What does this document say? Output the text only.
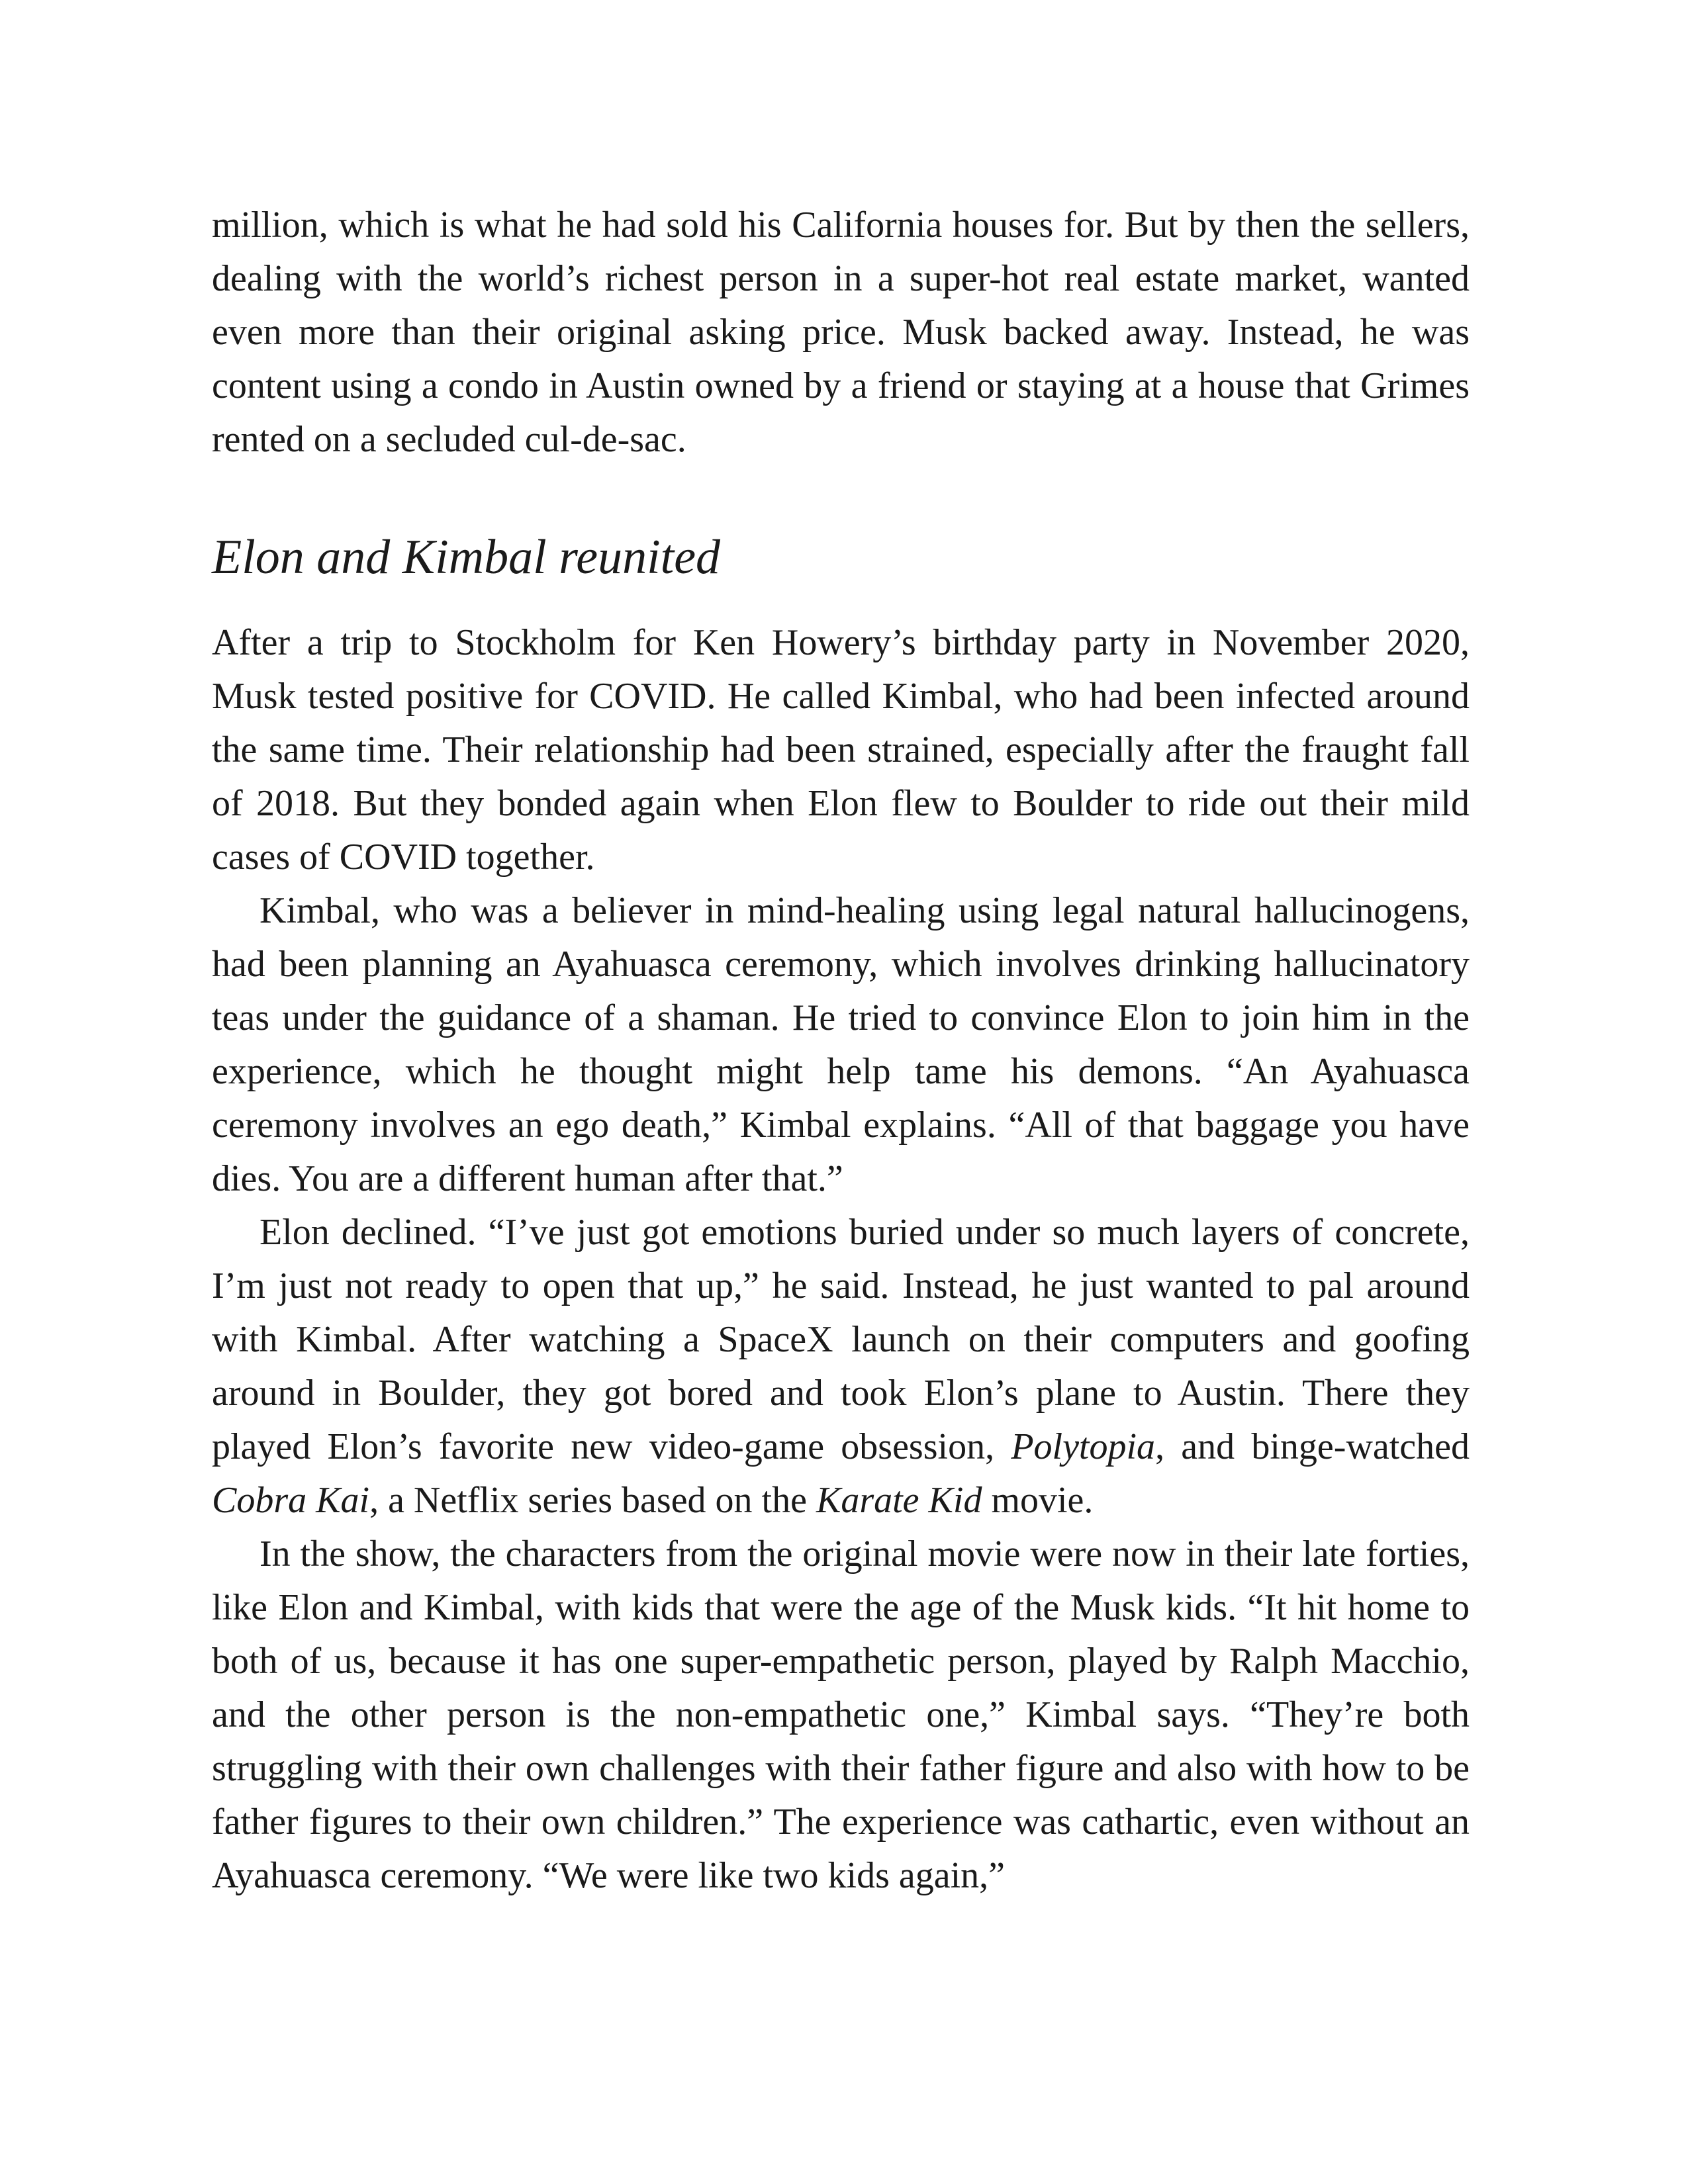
million, which is what he had sold his California houses for. But by then the sellers, dealing with the world’s richest person in a super-hot real estate market, wanted even more than their original asking price. Musk backed away. Instead, he was content using a condo in Austin owned by a friend or staying at a house that Grimes rented on a secluded cul-de-sac.

Elon and Kimbal reunited

After a trip to Stockholm for Ken Howery’s birthday party in November 2020, Musk tested positive for COVID. He called Kimbal, who had been infected around the same time. Their relationship had been strained, especially after the fraught fall of 2018. But they bonded again when Elon flew to Boulder to ride out their mild cases of COVID together.

Kimbal, who was a believer in mind-healing using legal natural hallucinogens, had been planning an Ayahuasca ceremony, which involves drinking hallucinatory teas under the guidance of a shaman. He tried to convince Elon to join him in the experience, which he thought might help tame his demons. “An Ayahuasca ceremony involves an ego death,” Kimbal explains. “All of that baggage you have dies. You are a different human after that.”

Elon declined. “I’ve just got emotions buried under so much layers of concrete, I’m just not ready to open that up,” he said. Instead, he just wanted to pal around with Kimbal. After watching a SpaceX launch on their computers and goofing around in Boulder, they got bored and took Elon’s plane to Austin. There they played Elon’s favorite new video-game obsession, Polytopia, and binge-watched Cobra Kai, a Netflix series based on the Karate Kid movie.

In the show, the characters from the original movie were now in their late forties, like Elon and Kimbal, with kids that were the age of the Musk kids. “It hit home to both of us, because it has one super-empathetic person, played by Ralph Macchio, and the other person is the non-empathetic one,” Kimbal says. “They’re both struggling with their own challenges with their father figure and also with how to be father figures to their own children.” The experience was cathartic, even without an Ayahuasca ceremony. “We were like two kids again,”
